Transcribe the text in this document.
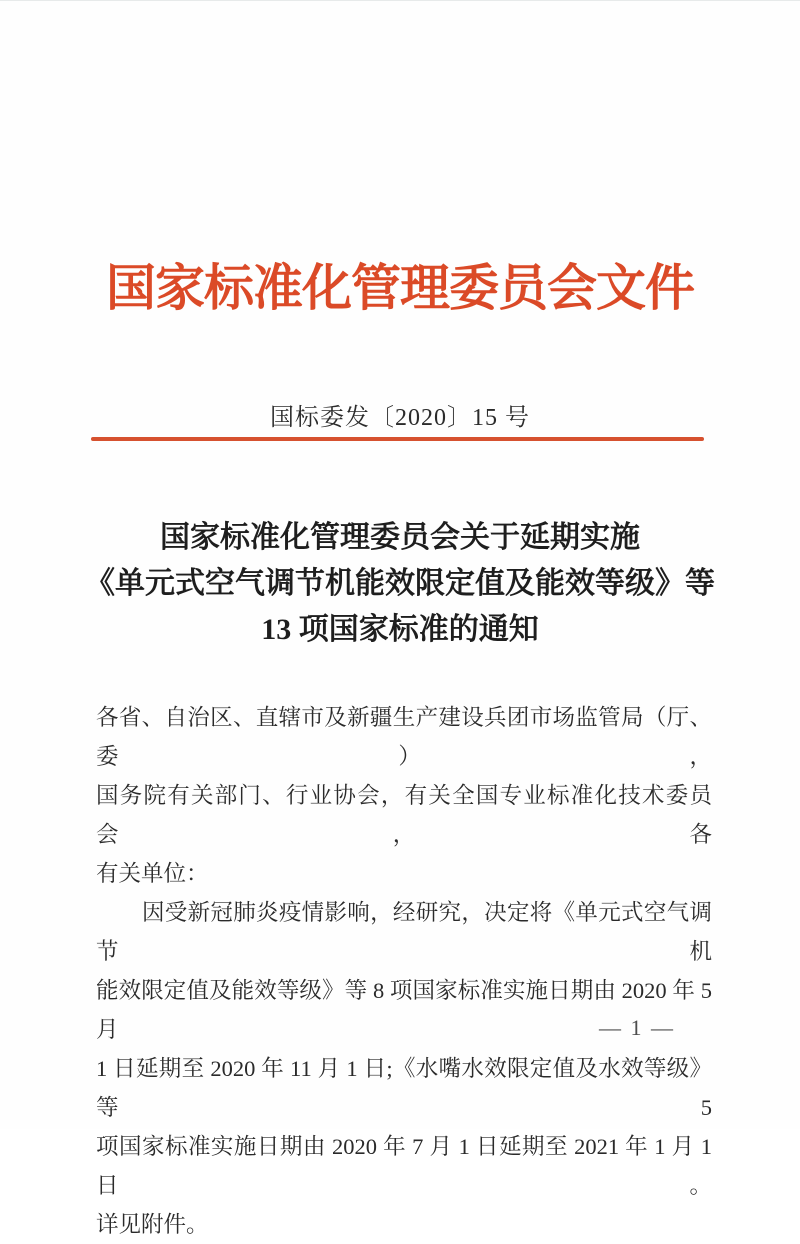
国家标准化管理委员会文件
国标委发〔2020〕15 号
国家标准化管理委员会关于延期实施
《单元式空气调节机能效限定值及能效等级》等
13 项国家标准的通知
各省、自治区、直辖市及新疆生产建设兵团市场监管局（厅、委），
国务院有关部门、行业协会，有关全国专业标准化技术委员会，各
有关单位：
因受新冠肺炎疫情影响，经研究，决定将《单元式空气调节机
能效限定值及能效等级》等 8 项国家标准实施日期由 2020 年 5 月
1 日延期至 2020 年 11 月 1 日;《水嘴水效限定值及水效等级》等 5
项国家标准实施日期由 2020 年 7 月 1 日延期至 2021 年 1 月 1 日。
详见附件。
— 1 —
